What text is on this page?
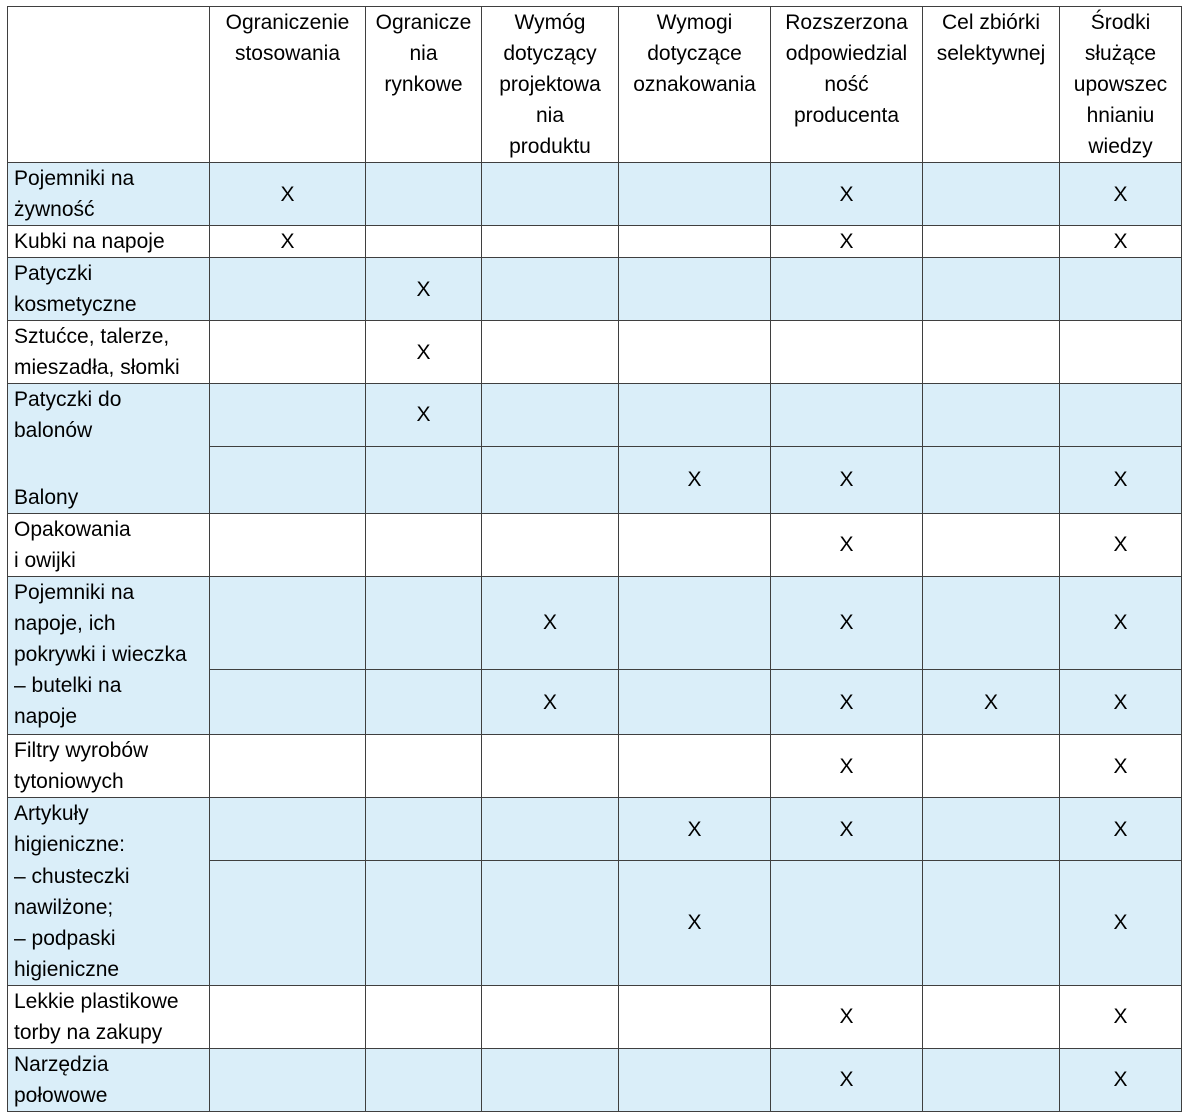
	Ograniczenie
stosowania	Ogranicze
nia
rynkowe	Wymóg
dotyczący
projektowa
nia
produktu	Wymogi
dotyczące
oznakowania	Rozszerzona
odpowiedzial
ność
producenta	Cel zbiórki
selektywnej	Środki
służące
upowszec
hnianiu
wiedzy
Pojemniki na
żywność	X				X		X
Kubki na napoje	X				X		X
Patyczki
kosmetyczne		X					
Sztućce, talerze,
mieszadła, słomki		X					
Patyczki do
balonów		X					
Balony				X	X		X
Opakowania
i owijki					X		X
Pojemniki na
napoje, ich
pokrywki i wieczka			X		X		X
– butelki na
napoje			X		X	X	X
Filtry wyrobów
tytoniowych					X		X
Artykuły
higieniczne:				X	X		X
– chusteczki
nawilżone;
– podpaski
higieniczne				X			X
Lekkie plastikowe
torby na zakupy					X		X
Narzędzia
połowowe					X		X
